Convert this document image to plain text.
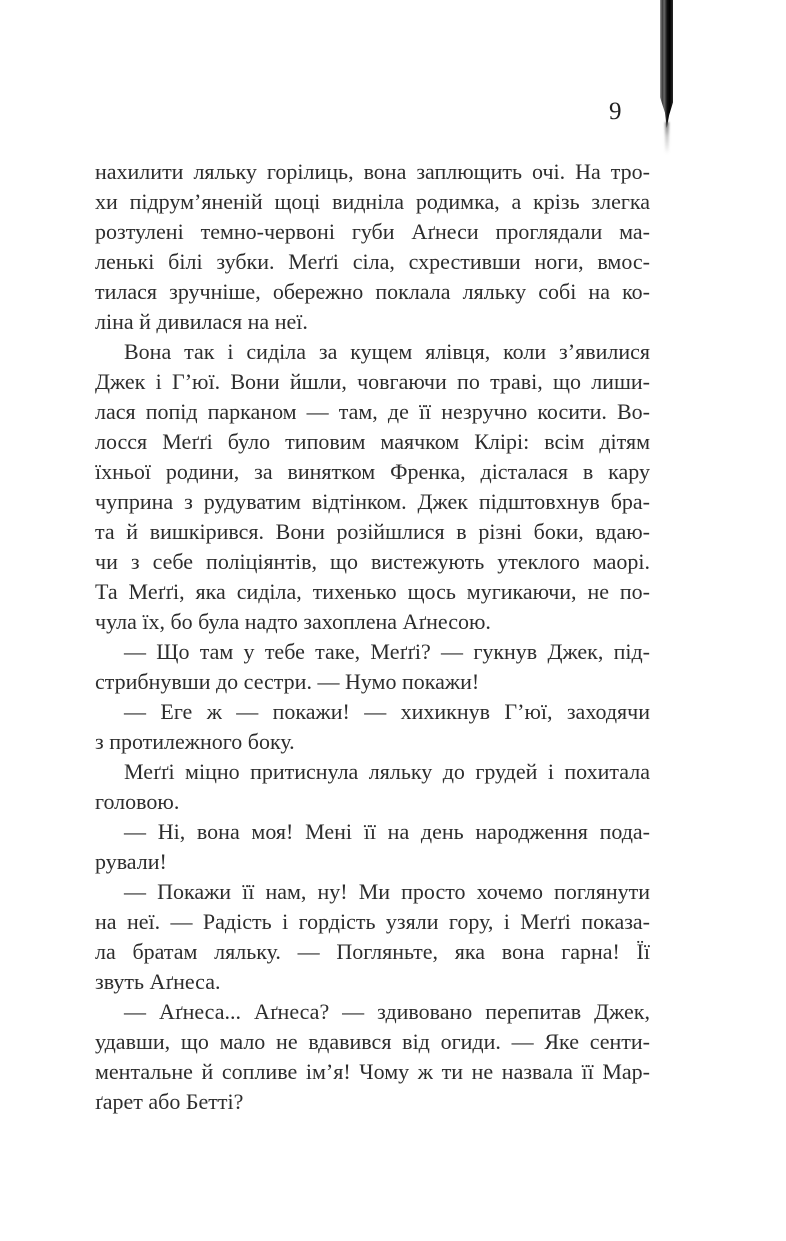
9
нахилити ляльку горілиць, вона заплющить очі. На тро-
хи підрум’яненій щоці видніла родимка, а крізь злегка
розтулені темно-червоні губи Аґнеси проглядали ма-
ленькі білі зубки. Меґґі сіла, схрестивши ноги, вмос-
тилася зручніше, обережно поклала ляльку собі на ко-
ліна й дивилася на неї.
Вона так і сиділа за кущем ялівця, коли з’явилися
Джек і Г’юї. Вони йшли, човгаючи по траві, що лиши-
лася попід парканом — там, де її незручно косити. Во-
лосся Меґґі було типовим маячком Клірі: всім дітям
їхньої родини, за винятком Френка, дісталася в кару
чуприна з рудуватим відтінком. Джек підштовхнув бра-
та й вишкірився. Вони розійшлися в різні боки, вдаю-
чи з себе поліціянтів, що вистежують утеклого маорі.
Та Меґґі, яка сиділа, тихенько щось мугикаючи, не по-
чула їх, бо була надто захоплена Аґнесою.
— Що там у тебе таке, Меґґі? — гукнув Джек, під-
стрибнувши до сестри. — Нумо покажи!
— Еге ж — покажи! — хихикнув Г’юї, заходячи
з протилежного боку.
Меґґі міцно притиснула ляльку до грудей і похитала
головою.
— Ні, вона моя! Мені її на день народження пода-
рували!
— Покажи її нам, ну! Ми просто хочемо поглянути
на неї. — Радість і гордість узяли гору, і Меґґі показа-
ла братам ляльку. — Погляньте, яка вона гарна! Її
звуть Аґнеса.
— Аґнеса... Аґнеса? — здивовано перепитав Джек,
удавши, що мало не вдавився від огиди. — Яке сенти-
ментальне й сопливе ім’я! Чому ж ти не назвала її Мар-
ґарет або Бетті?
